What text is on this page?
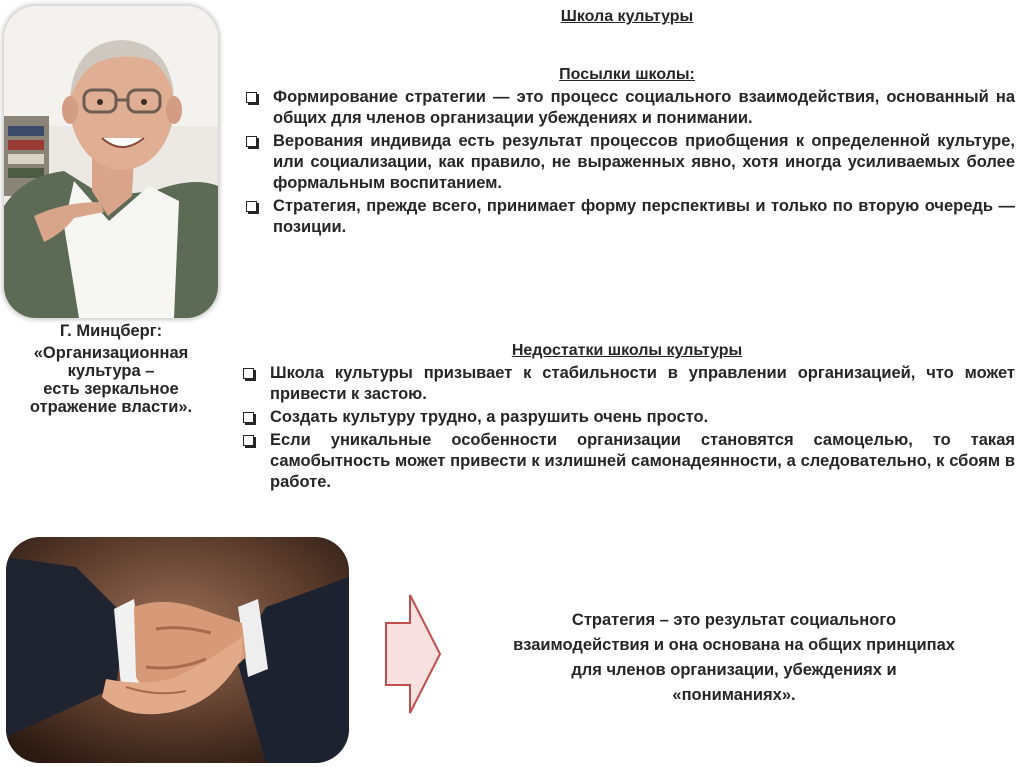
Г. Минцберг:
«Организационная
культура –
есть зеркальное
отражение власти».
Школа культуры
Посылки школы:
Формирование стратегии — это процесс социального взаимодействия, основанный на общих для членов организации убеждениях и понимании.
Верования индивида есть результат процессов приобщения к определенной культуре, или социализации, как правило, не выраженных явно, хотя иногда усиливаемых более формальным воспитанием.
Стратегия, прежде всего, принимает форму перспективы и только по вторую очередь — позиции.
Недостатки школы культуры
Школа культуры призывает к стабильности в управлении организацией, что может привести к застою.
Создать культуру трудно, а разрушить очень просто.
Если уникальные особенности организации становятся самоцелью, то такая самобытность может привести к излишней самонадеянности, а следовательно, к сбоям в работе.
Стратегия – это результат социального
взаимодействия и она основана на общих принципах
для членов организации, убеждениях и
«пониманиях».
